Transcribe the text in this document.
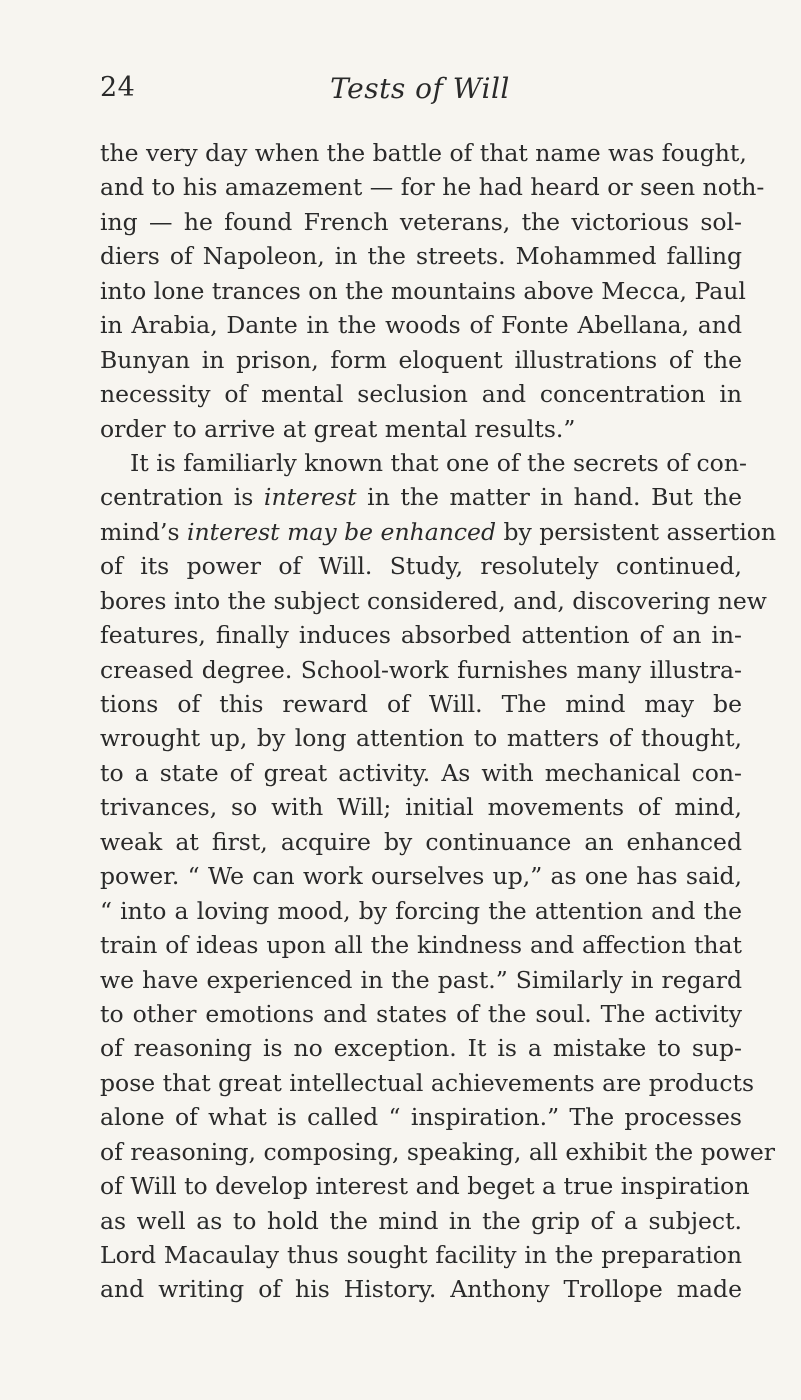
24	Tests of Will
the very day when the battle of that name was fought,
and to his amazement — for he had heard or seen noth-
ing — he found French veterans, the victorious sol-
diers of Napoleon, in the streets. Mohammed falling
into lone trances on the mountains above Mecca, Paul
in Arabia, Dante in the woods of Fonte Abellana, and
Bunyan in prison, form eloquent illustrations of the
necessity of mental seclusion and concentration in
order to arrive at great mental results.”
It is familiarly known that one of the secrets of con-
centration is interest in the matter in hand. But the
mind’s interest may be enhanced by persistent assertion
of its power of Will. Study, resolutely continued,
bores into the subject considered, and, discovering new
features, finally induces absorbed attention of an in-
creased degree. School-work furnishes many illustra-
tions of this reward of Will. The mind may be
wrought up, by long attention to matters of thought,
to a state of great activity. As with mechanical con-
trivances, so with Will; initial movements of mind,
weak at first, acquire by continuance an enhanced
power. “ We can work ourselves up,” as one has said,
“ into a loving mood, by forcing the attention and the
train of ideas upon all the kindness and affection that
we have experienced in the past.” Similarly in regard
to other emotions and states of the soul. The activity
of reasoning is no exception. It is a mistake to sup-
pose that great intellectual achievements are products
alone of what is called “ inspiration.” The processes
of reasoning, composing, speaking, all exhibit the power
of Will to develop interest and beget a true inspiration
as well as to hold the mind in the grip of a subject.
Lord Macaulay thus sought facility in the preparation
and writing of his History. Anthony Trollope made
